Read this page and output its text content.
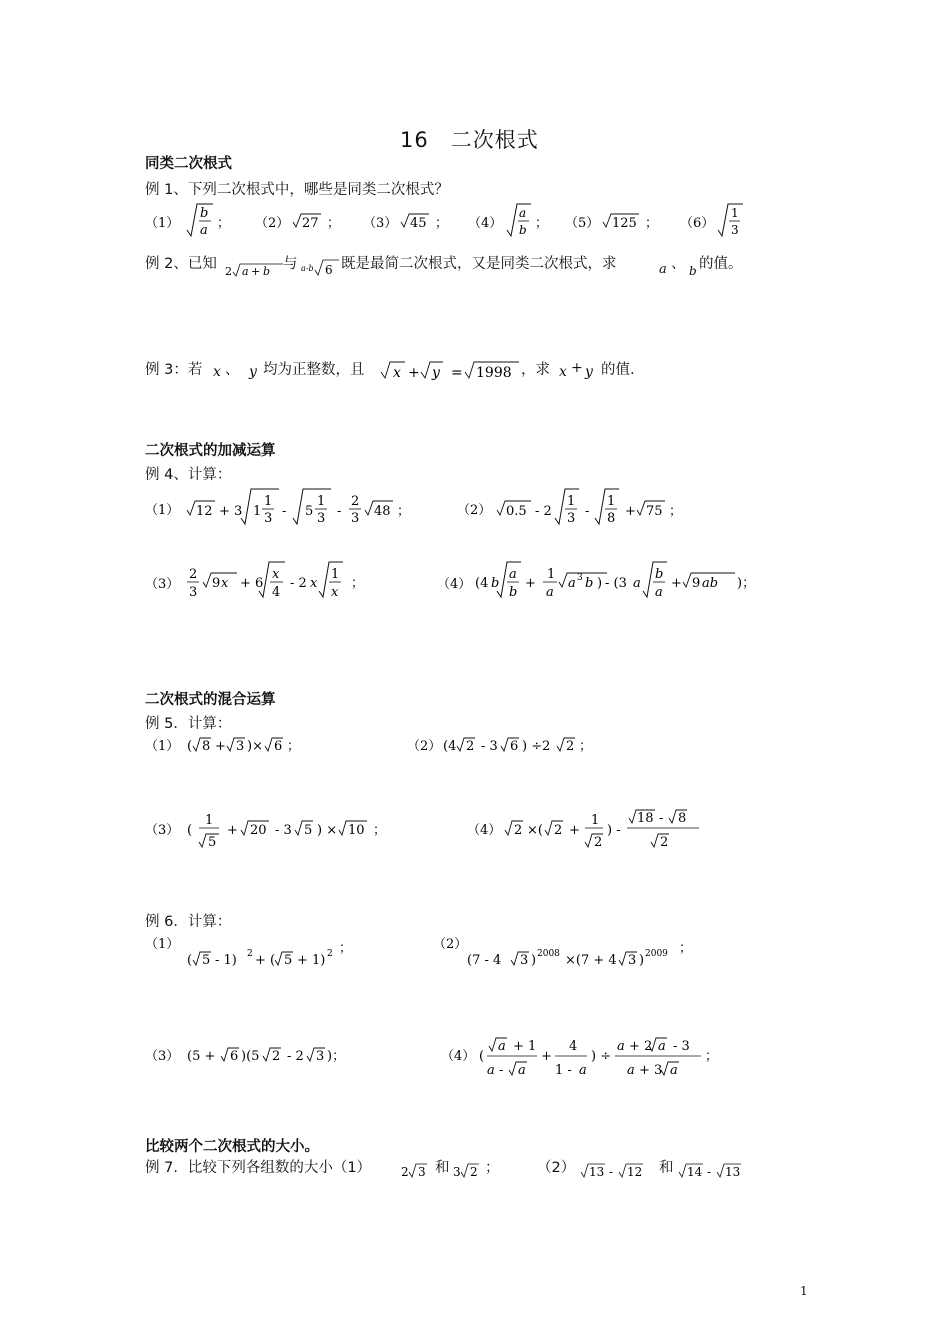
16　二次根式
同类二次根式
例 1、下列二次根式中，哪些是同类二次根式？
（1）
b
a ； （2） 27 ； （3） 45 ； （4）
a
b ； （5） 125 ； （6）
1
3
例 2、已知 2 a + b 与 a-b 6 既是最简二次根式，又是同类二次根式，求	a 、 b 的值。
例 3：若 x 、 y 均为正整数，且 x + y = 1998 ，求 x + y 的值.
二次根式的加减运算
例 4、计算：
（1） 12 + 3 1
1
3 - 5
1
3 -
2
3 48 ；	（2） 0.5 - 2
1
3 -
1
8 + 75 ；
（3）
2
3
9 x + 6
x
4
- 2 x
1
x
；	（4） (4 b
a
b
+
1
a
a 3 b ) - (3 a
b
a
+ 9 ab )；
二次根式的混合运算
例 5．计算：
（1） ( 8 + 3 )× 6 ；	（2） (4 2 - 3 6 ) ÷2 2 ；
（3） (
1
5
+ 20 - 3 5 ) × 10 ；	（4） 2 ×( 2 +
1
2
) -
18 - 8
2
例 6．计算：
（1）
( 5 - 1) 2 + ( 5 + 1) 2 ；	（2）
(7 - 4 3 ) 2008 ×(7 + 4 3 ) 2009 ；
（3） (5 + 6 )(5 2 - 2 3 )；	（4） (
a + 1
a - a
+
4
1 - a
) ÷
a + 2 a - 3
a + 3 a
；
比较两个二次根式的大小。
例 7．比较下列各组数的大小（1） 2 3 和 3 2 ；	（2） 13 - 12 和 14 - 13
1
